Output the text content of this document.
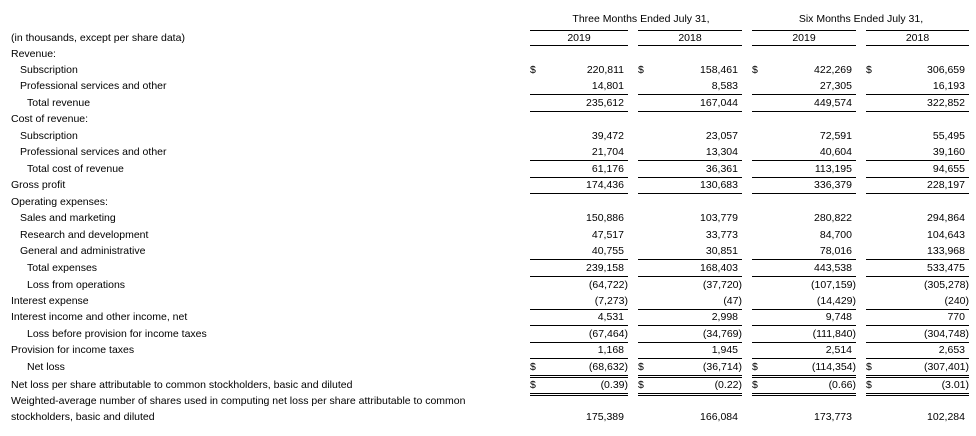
Three Months Ended July 31,	Six Months Ended July 31,
2019	2018	2019	2018
(in thousands, except per share data)
Revenue:
Subscription	$	220,811 $	158,461 $	422,269 $	306,659
Professional services and other	14,801	8,583	27,305	16,193
Total revenue	235,612	167,044	449,574	322,852
Cost of revenue:
Subscription	39,472	23,057	72,591	55,495
Professional services and other	21,704	13,304	40,604	39,160
Total cost of revenue	61,176	36,361	113,195	94,655
Gross profit	174,436	130,683	336,379	228,197
Operating expenses:
Sales and marketing	150,886	103,779	280,822	294,864
Research and development	47,517	33,773	84,700	104,643
General and administrative	40,755	30,851	78,016	133,968
Total expenses	239,158	168,403	443,538	533,475
Loss from operations	(64,722)	(37,720)	(107,159)	(305,278)
Interest expense	(7,273)	(47)	(14,429)	(240)
Interest income and other income, net	4,531	2,998	9,748	770
Loss before provision for income taxes	(67,464)	(34,769)	(111,840)	(304,748)
Provision for income taxes	1,168	1,945	2,514	2,653
Net loss	$	(68,632) $	(36,714) $	(114,354) $	(307,401)
Net loss per share attributable to common stockholders, basic and diluted	$	(0.39) $	(0.22) $	(0.66) $	(3.01)
Weighted-average number of shares used in computing net loss per share attributable to common
stockholders, basic and diluted	175,389	166,084	173,773	102,284
